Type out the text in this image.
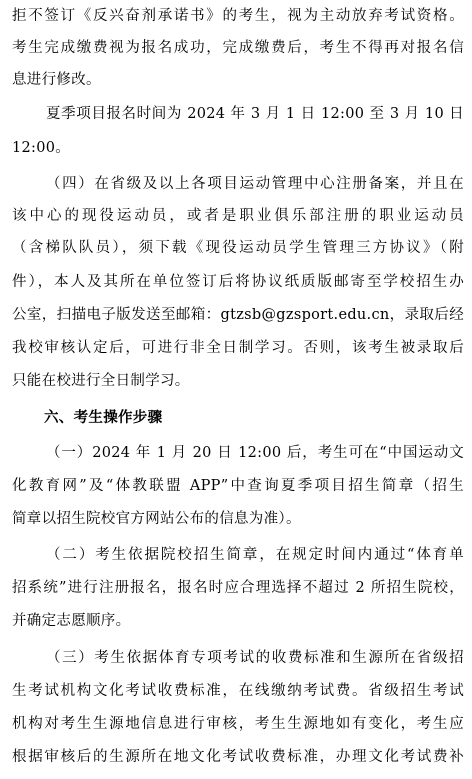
拒不签订《反兴奋剂承诺书》的考生，视为主动放弃考试资格。
考生完成缴费视为报名成功，完成缴费后，考生不得再对报名信
息进行修改。
夏季项目报名时间为 2024 年 3 月 1 日 12:00 至 3 月 10 日
12:00。
（四）在省级及以上各项目运动管理中心注册备案，并且在
该中心的现役运动员，或者是职业俱乐部注册的职业运动员
（含梯队队员），须下载《现役运动员学生管理三方协议》（附
件），本人及其所在单位签订后将协议纸质版邮寄至学校招生办
公室，扫描电子版发送至邮箱：gtzsb@gzsport.edu.cn，录取后经
我校审核认定后，可进行非全日制学习。否则，该考生被录取后
只能在校进行全日制学习。
六、考生操作步骤
（一）2024 年 1 月 20 日 12:00 后，考生可在“中国运动文
化教育网”及“体教联盟 APP”中查询夏季项目招生简章（招生
简章以招生院校官方网站公布的信息为准）。
（二）考生依据院校招生简章，在规定时间内通过“体育单
招系统”进行注册报名，报名时应合理选择不超过 2 所招生院校，
并确定志愿顺序。
（三）考生依据体育专项考试的收费标准和生源所在省级招
生考试机构文化考试收费标准，在线缴纳考试费。省级招生考试
机构对考生生源地信息进行审核，考生生源地如有变化，考生应
根据审核后的生源所在地文化考试收费标准，办理文化考试费补
